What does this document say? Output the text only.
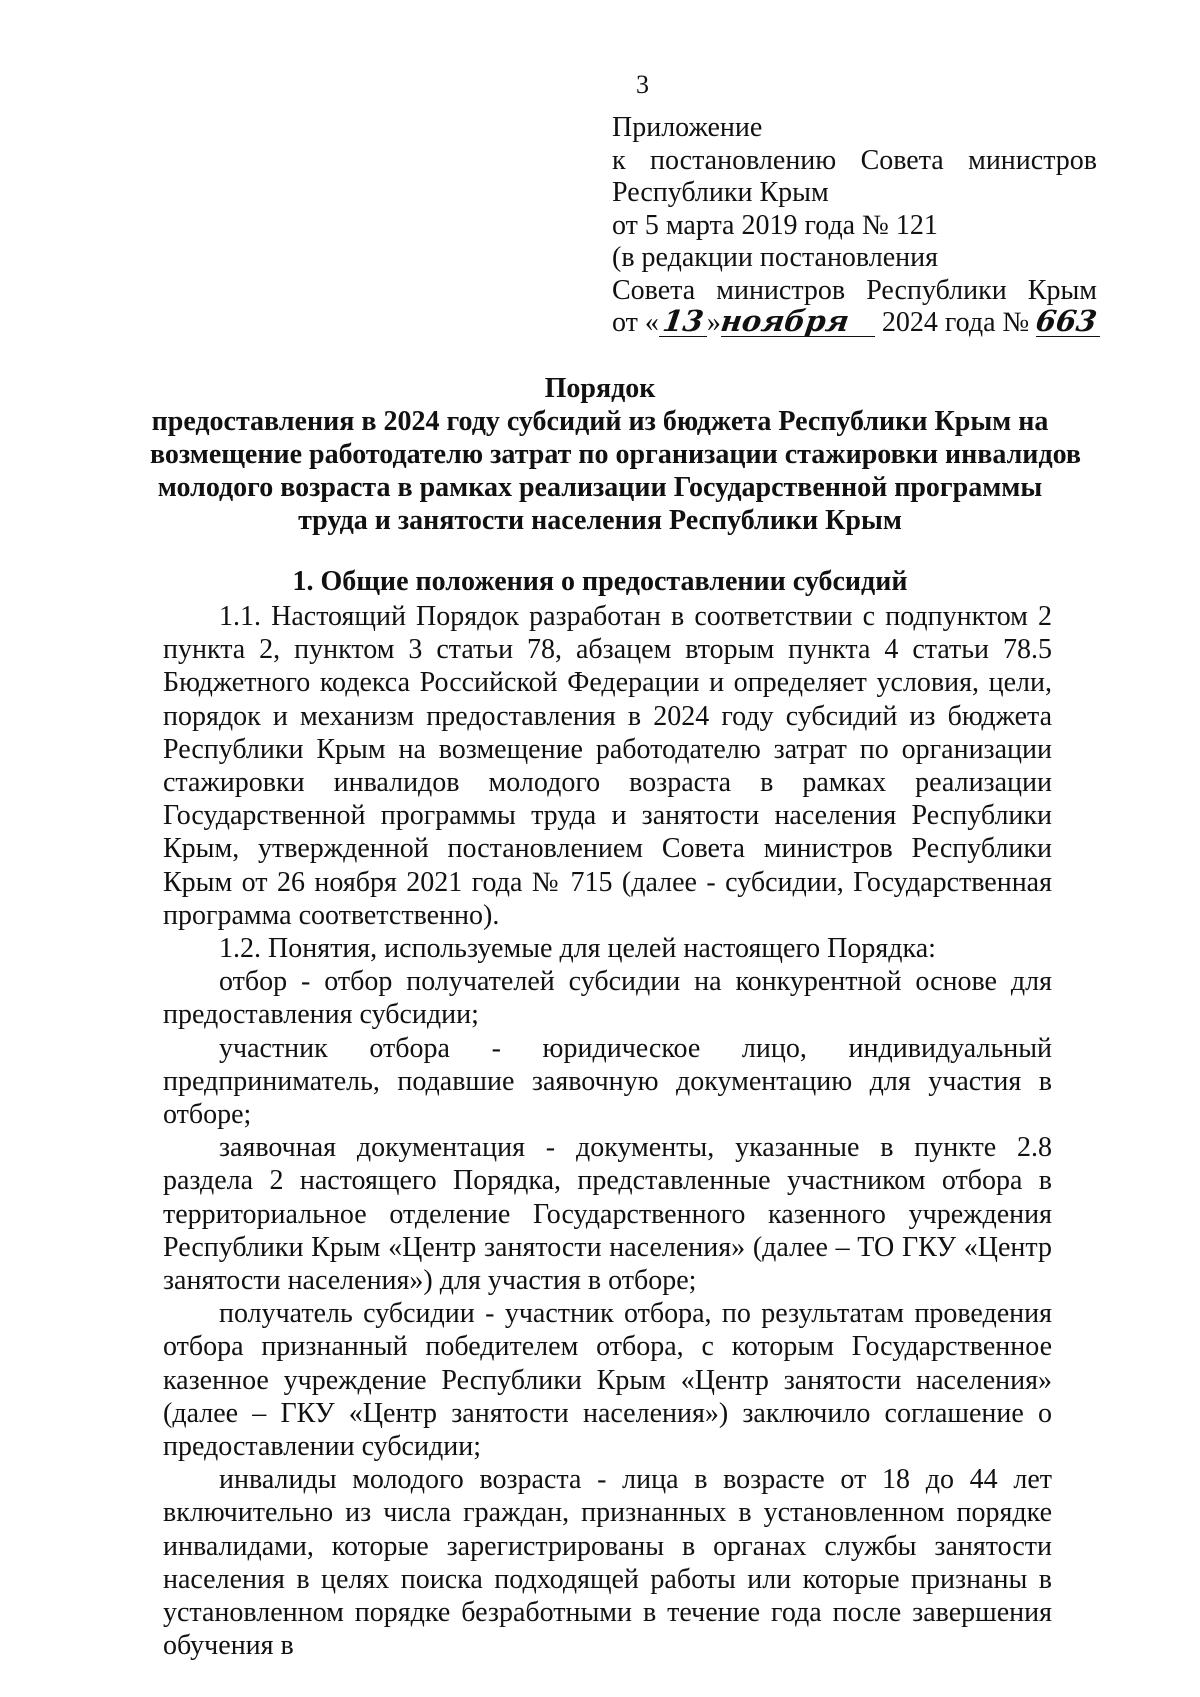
3
Приложение
к постановлению Совета министров
Республики Крым
от 5 марта 2019 года № 121
(в редакции постановления
Совета министров Республики Крым
от «13»ноября 2024 года № 663
Порядок
предоставления в 2024 году субсидий из бюджета Республики Крым на
возмещение работодателю затрат по организации стажировки инвалидов
молодого возраста в рамках реализации Государственной программы
труда и занятости населения Республики Крым
1. Общие положения о предоставлении субсидий

1.1. Настоящий Порядок разработан в соответствии с подпунктом 2 пункта 2, пунктом 3 статьи 78, абзацем вторым пункта 4 статьи 78.5 Бюджетного кодекса Российской Федерации и определяет условия, цели, порядок и механизм предоставления в 2024 году субсидий из бюджета Республики Крым на возмещение работодателю затрат по организации стажировки инвалидов молодого возраста в рамках реализации Государственной программы труда и занятости населения Республики Крым, утвержденной постановлением Совета министров Республики Крым от 26 ноября 2021 года № 715 (далее - субсидии, Государственная программа соответственно).

1.2. Понятия, используемые для целей настоящего Порядка:

отбор - отбор получателей субсидии на конкурентной основе для предоставления субсидии;

участник отбора - юридическое лицо, индивидуальный предприниматель, подавшие заявочную документацию для участия в отборе;

заявочная документация - документы, указанные в пункте 2.8 раздела 2 настоящего Порядка, представленные участником отбора в территориальное отделение Государственного казенного учреждения Республики Крым «Центр занятости населения» (далее – ТО ГКУ «Центр занятости населения») для участия в отборе;

получатель субсидии - участник отбора, по результатам проведения отбора признанный победителем отбора, с которым Государственное казенное учреждение Республики Крым «Центр занятости населения» (далее – ГКУ «Центр занятости населения») заключило соглашение о предоставлении субсидии;

инвалиды молодого возраста - лица в возрасте от 18 до 44 лет включительно из числа граждан, признанных в установленном порядке инвалидами, которые зарегистрированы в органах службы занятости населения в целях поиска подходящей работы или которые признаны в установленном порядке безработными в течение года после завершения обучения в
